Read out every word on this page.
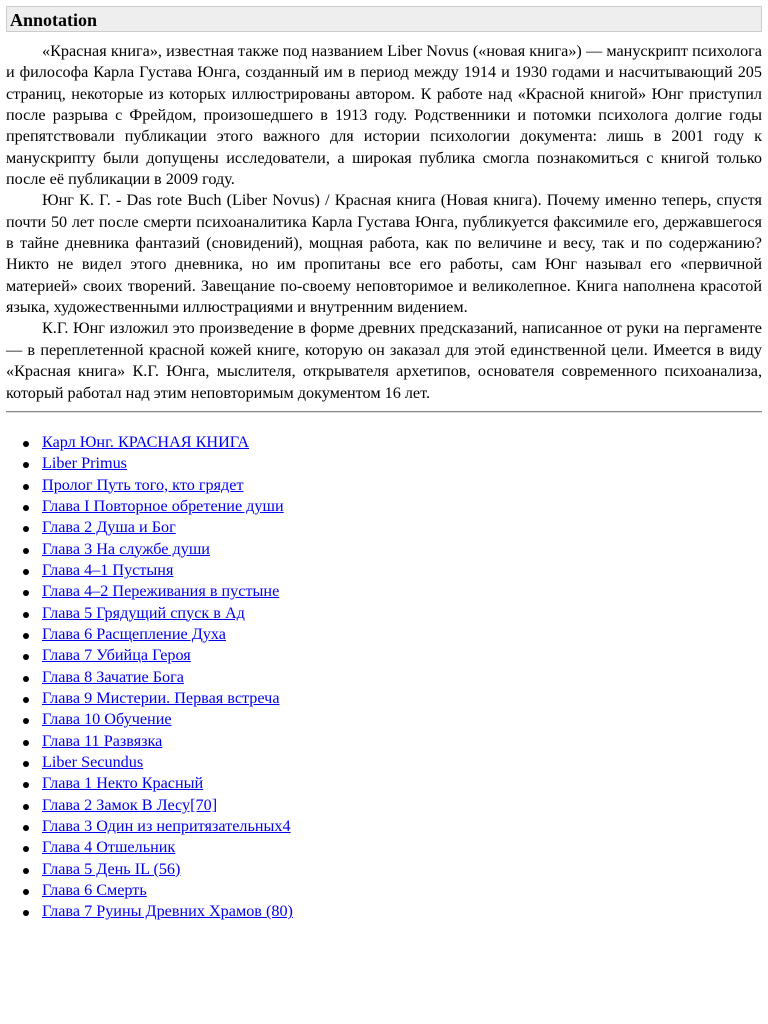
Annotation

«Красная книга», известная также под названием Liber Novus («новая книга») — манускрипт психолога и философа Карла Густава Юнга, созданный им в период между 1914 и 1930 годами и насчитывающий 205 страниц, некоторые из которых иллюстрированы автором. К работе над «Красной книгой» Юнг приступил после разрыва с Фрейдом, произошедшего в 1913 году. Родственники и потомки психолога долгие годы препятствовали публикации этого важного для истории психологии документа: лишь в 2001 году к манускрипту были допущены исследователи, а широкая публика смогла познакомиться с книгой только после её публикации в 2009 году.

Юнг К. Г. - Das rote Buch (Liber Novus) / Красная книга (Новая книга). Почему именно теперь, спустя почти 50 лет после смерти психоаналитика Карла Густава Юнга, публикуется факсимиле его, державшегося в тайне дневника фантазий (сновидений), мощная работа, как по величине и весу, так и по содержанию? Никто не видел этого дневника, но им пропитаны все его работы, сам Юнг называл его «первичной материей» своих творений. Завещание по-своему неповторимое и великолепное. Книга наполнена красотой языка, художественными иллюстрациями и внутренним видением.

К.Г. Юнг изложил это произведение в форме древних предсказаний, написанное от руки на пергаменте — в переплетенной красной кожей книге, которую он заказал для этой единственной цели. Имеется в виду «Красная книга» К.Г. Юнга, мыслителя, открывателя архетипов, основателя современного психоанализа, который работал над этим неповторимым документом 16 лет.

Карл Юнг. КРАСНАЯ КНИГА
Liber Primus
Пролог Путь того, кто грядет
Глава I Повторное обретение души
Глава 2 Душа и Бог
Глава 3 На службе души
Глава 4–1 Пустыня
Глава 4–2 Переживания в пустыне
Глава 5 Грядущий спуск в Ад
Глава 6 Расщепление Духа
Глава 7 Убийца Героя
Глава 8 Зачатие Бога
Глава 9 Мистерии. Первая встреча
Глава 10 Обучение
Глава 11 Развязка
Liber Secundus
Глава 1 Некто Красный
Глава 2 Замок В Лесу[70]
Глава 3 Один из непритязательных4
Глава 4 Отшельник
Глава 5 День IL (56)
Глава 6 Смерть
Глава 7 Руины Древних Храмов (80)
